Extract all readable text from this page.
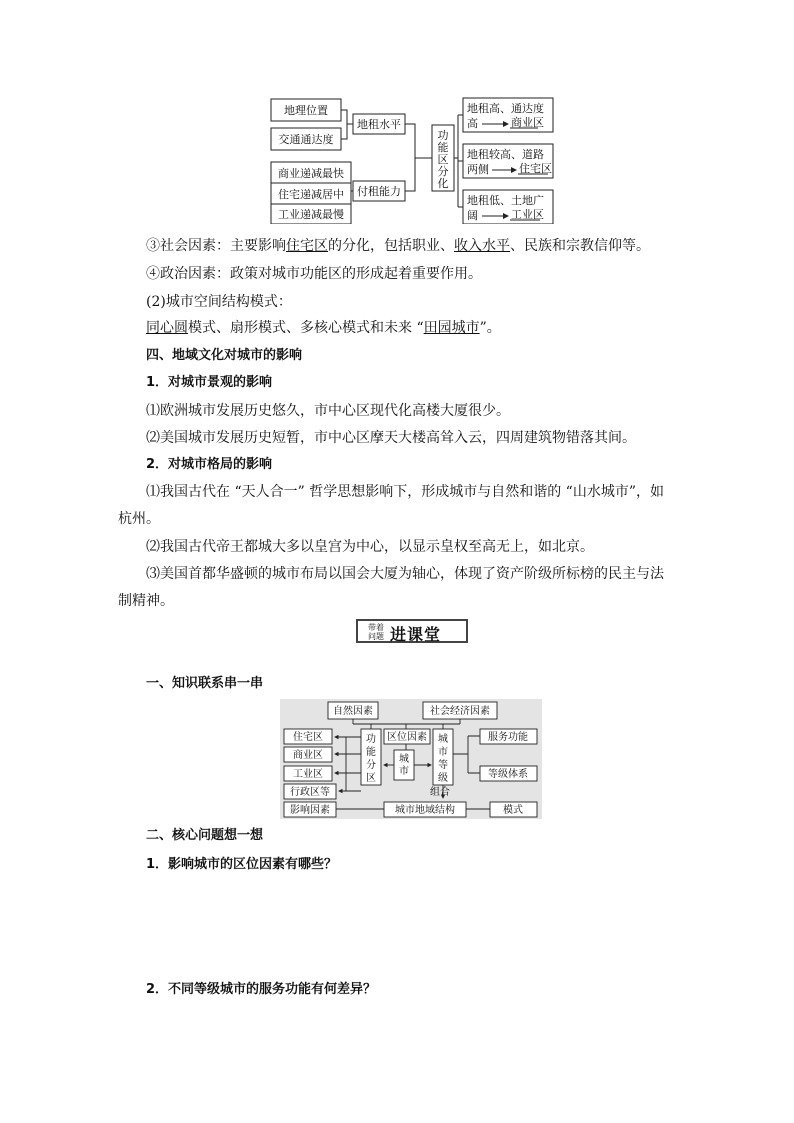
地理位置
交通通达度
商业递减最快
住宅递减居中
工业递减最慢
地租水平
付租能力
地租高、通达度
高	商业区
地租较高、道路
两侧	住宅区
地租低、土地广
阔	工业区
功
能
区
分
化
③社会因素：主要影响住宅区的分化，包括职业、收入水平、民族和宗教信仰等。
④政治因素：政策对城市功能区的形成起着重要作用。
(2)城市空间结构模式：
同心圆模式、扇形模式、多核心模式和未来 “田园城市”。
四、地域文化对城市的影响
1．对城市景观的影响
⑴欧洲城市发展历史悠久，市中心区现代化高楼大厦很少。
⑵美国城市发展历史短暂，市中心区摩天大楼高耸入云，四周建筑物错落其间。
2．对城市格局的影响
⑴我国古代在 “天人合一” 哲学思想影响下，形成城市与自然和谐的 “山水城市”，如
杭州。
⑵我国古代帝王都城大多以皇宫为中心，以显示皇权至高无上，如北京。
⑶美国首都华盛顿的城市布局以国会大厦为轴心，体现了资产阶级所标榜的民主与法
制精神。
带着问题 进课堂
一、知识联系串一串
自然因素	社会经济因素
住宅区
商业区
工业区
行政区等
影响因素
区位因素	服务功能
等级体系
城市地域结构	模式
功
能
分
区
城
市
城
市
等
级
组合
二、核心问题想一想
1．影响城市的区位因素有哪些？
2．不同等级城市的服务功能有何差异？
